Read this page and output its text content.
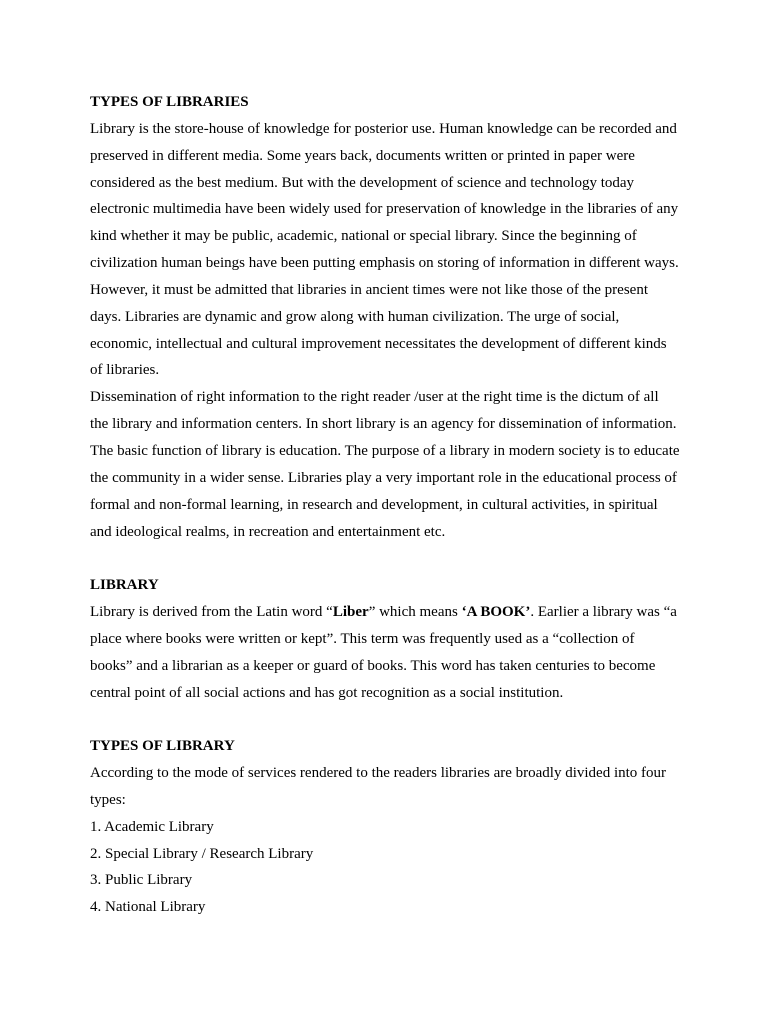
TYPES OF LIBRARIES

Library is the store-house of knowledge for posterior use. Human knowledge can be recorded and preserved in different media. Some years back, documents written or printed in paper were considered as the best medium. But with the development of science and technology today electronic multimedia have been widely used for preservation of knowledge in the libraries of any kind whether it may be public, academic, national or special library. Since the beginning of civilization human beings have been putting emphasis on storing of information in different ways. However, it must be admitted that libraries in ancient times were not like those of the present days. Libraries are dynamic and grow along with human civilization. The urge of social, economic, intellectual and cultural improvement necessitates the development of different kinds of libraries.

Dissemination of right information to the right reader /user at the right time is the dictum of all the library and information centers. In short library is an agency for dissemination of information. The basic function of library is education. The purpose of a library in modern society is to educate the community in a wider sense. Libraries play a very important role in the educational process of formal and non-formal learning, in research and development, in cultural activities, in spiritual and ideological realms, in recreation and entertainment etc.

LIBRARY

Library is derived from the Latin word “Liber” which means ‘A BOOK’. Earlier a library was “a place where books were written or kept”. This term was frequently used as a “collection of books” and a librarian as a keeper or guard of books. This word has taken centuries to become central point of all social actions and has got recognition as a social institution.

TYPES OF LIBRARY

According to the mode of services rendered to the readers libraries are broadly divided into four types:

1. Academic Library

2. Special Library / Research Library

3. Public Library

4. National Library
